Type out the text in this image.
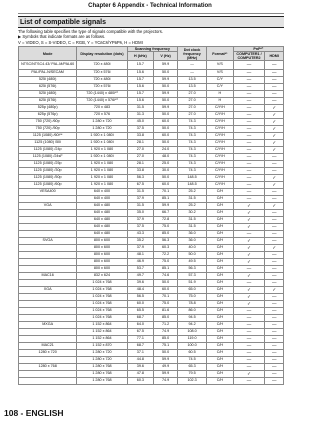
Chapter 6 Appendix - Technical Information
List of compatible signals
The following table specifies the type of signals compatible with the projectors.
▶ Symbols that indicate formats are as follows.
V = VIDEO, S = S-VIDEO, C = RGB, Y = YCʙCʀ/YPʙPʀ, H = HDMI
Mode	Display resolution (dots)	Scanning frequency		Dot clock frequency (MHz)	Format*¹	PnP*²	
		H (kHz)	V (Hz)			COMPUTER1 / COMPUTER2	HDMI
NTSC/NTSC4.43/ PAL-M/PAL60	720 x 480i	15.7	59.9	—	V/S	—	—
PAL/PAL-N/SECAM	720 x 576i	15.6	50.0	—	V/S	—	—
525i (480i)	720 x 480i	15.7	59.9	13.5	C/Y	—	—
625i (576i)	720 x 576i	15.6	50.0	13.5	C/Y	—	—
525i (480i)	720 (1440) x 480i*³	15.7	59.9	27.0	H	—	—
625i (576i)	720 (1440) x 576i*³	15.6	50.0	27.0	H	—	—
525p (480p)	720 x 483	31.5	59.9	27.0	C/Y/H	—	✓
625p (576p)	720 x 576	31.3	50.0	27.0	C/Y/H	—	✓
750 (720) /60p	1 280 x 720	45.0	60.0	74.3	C/Y/H	—	✓
750 (720) /50p	1 280 x 720	37.5	50.0	74.3	C/Y/H	—	✓
1125 (1080) /60i*⁴	1 920 x 1 080i	33.8	60.0	74.3	C/Y/H	—	✓
1125 (1080) /50i	1 920 x 1 080i	28.1	50.0	74.3	C/Y/H	—	✓
1125 (1080) /24p	1 920 x 1 080	27.0	24.0	74.3	C/Y/H	—	✓
1125 (1080) /24sF	1 920 x 1 080i	27.0	48.0	74.3	C/Y/H	—	—
1125 (1080) /25p	1 920 x 1 080	28.1	25.0	74.3	C/Y/H	—	—
1125 (1080) /30p	1 920 x 1 080	33.8	30.0	74.3	C/Y/H	—	—
1125 (1080) /50p	1 920 x 1 080	56.3	50.0	148.5	C/Y/H	—	✓
1125 (1080) /60p	1 920 x 1 080	67.5	60.0	148.5	C/Y/H	—	✓
VESA400	640 x 400	31.5	70.1	25.2	C/H	—	—
	640 x 400	37.9	85.1	31.5	C/H	—	—
VGA	640 x 480	31.5	59.9	25.2	C/H	✓	✓
	640 x 480	35.0	66.7	30.2	C/H	✓	—
	640 x 480	37.9	72.8	31.5	C/H	✓	—
	640 x 480	37.5	75.0	31.5	C/H	✓	—
	640 x 480	43.3	85.0	36.0	C/H	—	—
SVGA	800 x 600	35.2	56.3	36.0	C/H	✓	—
	800 x 600	37.9	60.3	40.0	C/H	✓	✓
	800 x 600	48.1	72.2	50.0	C/H	✓	—
	800 x 600	46.9	75.0	49.5	C/H	✓	—
	800 x 600	53.7	85.1	56.3	C/H	—	—
MAC16	832 x 624	49.7	74.6	57.3	C/H	✓	—
	1 024 x 768	39.6	50.0	51.9	C/H	—	—
XGA	1 024 x 768	48.4	60.0	65.0	C/H	✓	✓
	1 024 x 768	56.5	70.1	75.0	C/H	✓	—
	1 024 x 768	60.0	75.0	78.8	C/H	✓	—
	1 024 x 768	65.5	81.6	86.0	C/H	—	—
	1 024 x 768	68.7	85.0	94.5	C/H	—	—
MXGA	1 152 x 864	64.0	71.2	94.2	C/H	—	—
	1 152 x 864	67.5	74.9	108.0	C/H	—	—
	1 152 x 864	77.1	85.0	119.0	C/H	—	—
MAC21	1 152 x 870	68.7	75.1	100.0	C/H	—	—
1280 x 720	1 280 x 720	37.1	50.0	60.5	C/H	—	—
	1 280 x 720	44.8	59.9	74.5	C/H	—	—
1280 x 768	1 280 x 768	39.6	49.9	65.3	C/H	—	—
	1 280 x 768	47.8	59.9	79.5	C/H	✓	—
	1 280 x 768	60.3	74.9	102.3	C/H	—	—
108 - ENGLISH
